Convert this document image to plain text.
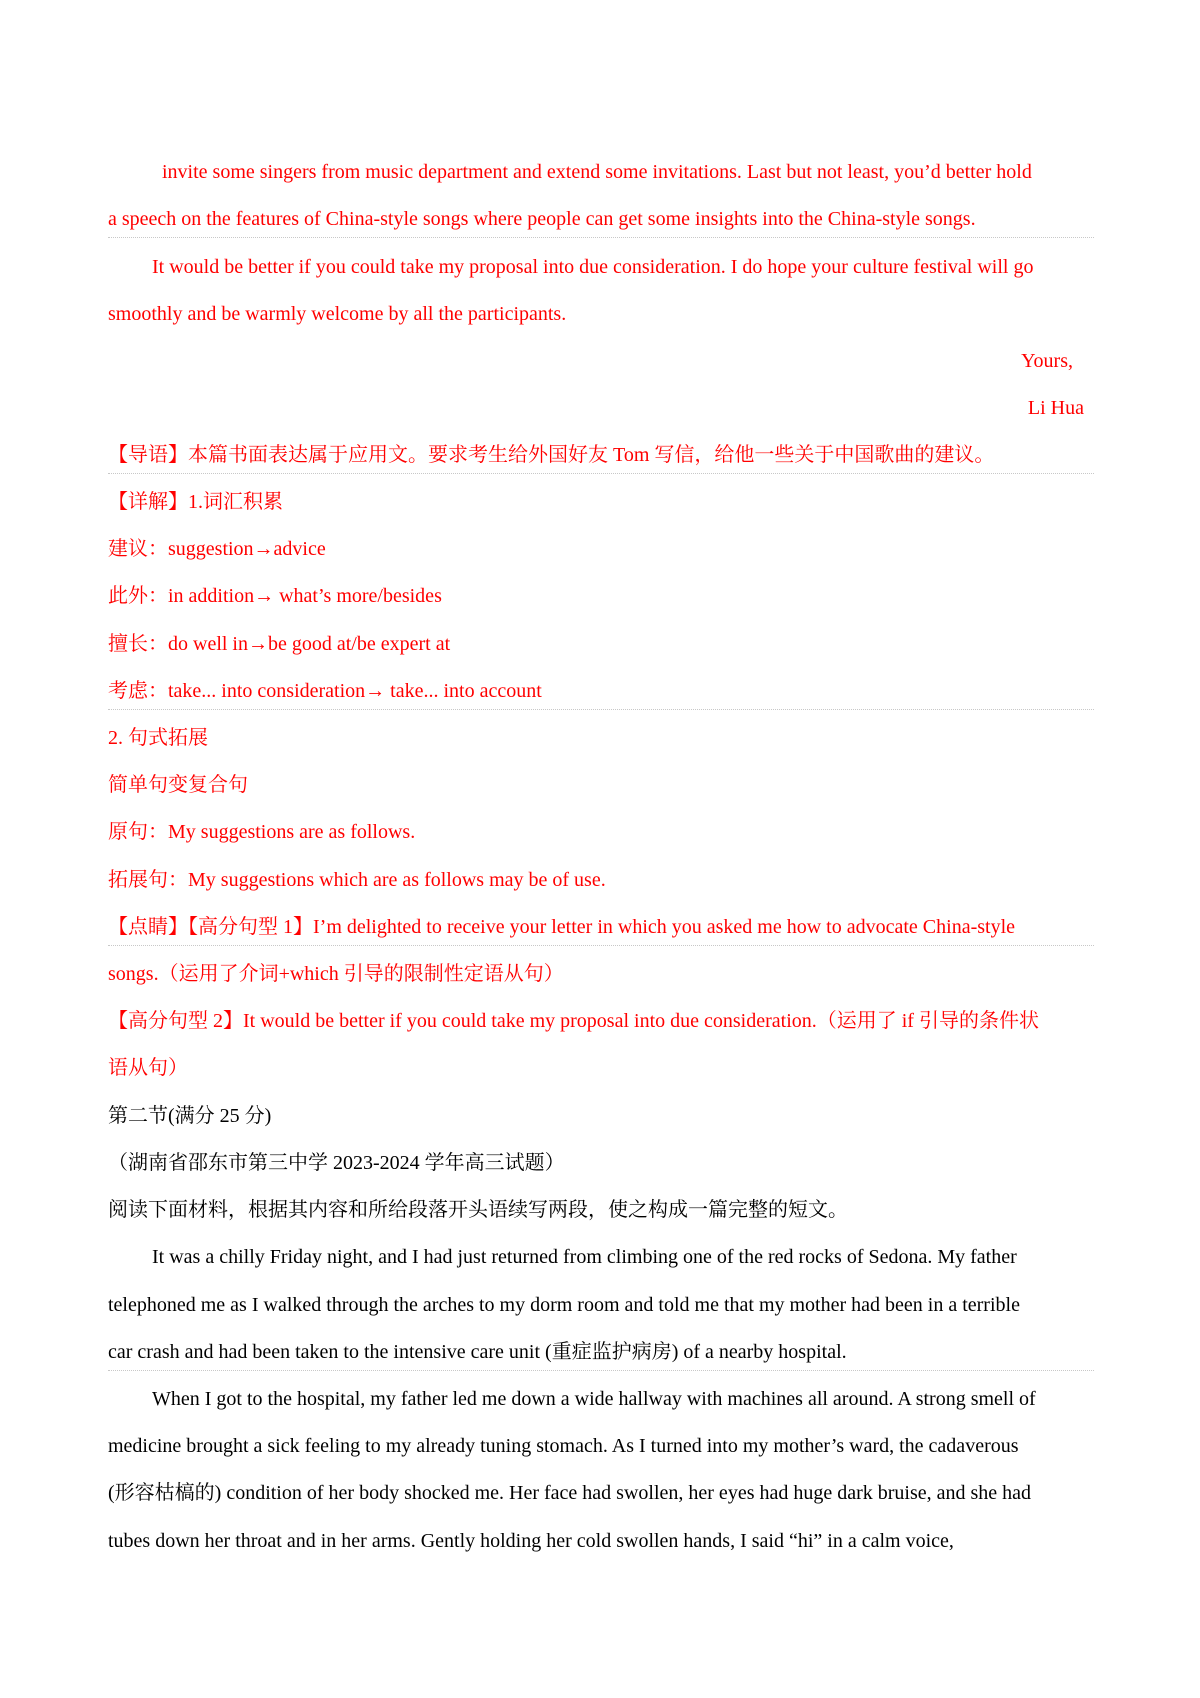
invite some singers from music department and extend some invitations. Last but not least, you’d better hold
a speech on the features of China-style songs where people can get some insights into the China-style songs.
It would be better if you could take my proposal into due consideration. I do hope your culture festival will go
smoothly and be warmly welcome by all the participants.
Yours,
Li Hua
【导语】本篇书面表达属于应用文。要求考生给外国好友 Tom 写信，给他一些关于中国歌曲的建议。
【详解】1.词汇积累
建议：suggestion→advice
此外：in addition→ what’s more/besides
擅长：do well in→be good at/be expert at
考虑：take... into consideration→ take... into account
2. 句式拓展
简单句变复合句
原句：My suggestions are as follows.
拓展句：My suggestions which are as follows may be of use.
【点睛】【高分句型 1】I’m delighted to receive your letter in which you asked me how to advocate China-style
songs.（运用了介词+which 引导的限制性定语从句）
【高分句型 2】It would be better if you could take my proposal into due consideration.（运用了 if 引导的条件状
语从句）
第二节(满分 25 分)
（湖南省邵东市第三中学 2023-2024 学年高三试题）
阅读下面材料，根据其内容和所给段落开头语续写两段，使之构成一篇完整的短文。
It was a chilly Friday night, and I had just returned from climbing one of the red rocks of Sedona. My father
telephoned me as I walked through the arches to my dorm room and told me that my mother had been in a terrible
car crash and had been taken to the intensive care unit (重症监护病房) of a nearby hospital.
When I got to the hospital, my father led me down a wide hallway with machines all around. A strong smell of
medicine brought a sick feeling to my already tuning stomach. As I turned into my mother’s ward, the cadaverous
(形容枯槁的) condition of her body shocked me. Her face had swollen, her eyes had huge dark bruise, and she had
tubes down her throat and in her arms. Gently holding her cold swollen hands, I said “hi” in a calm voice,
